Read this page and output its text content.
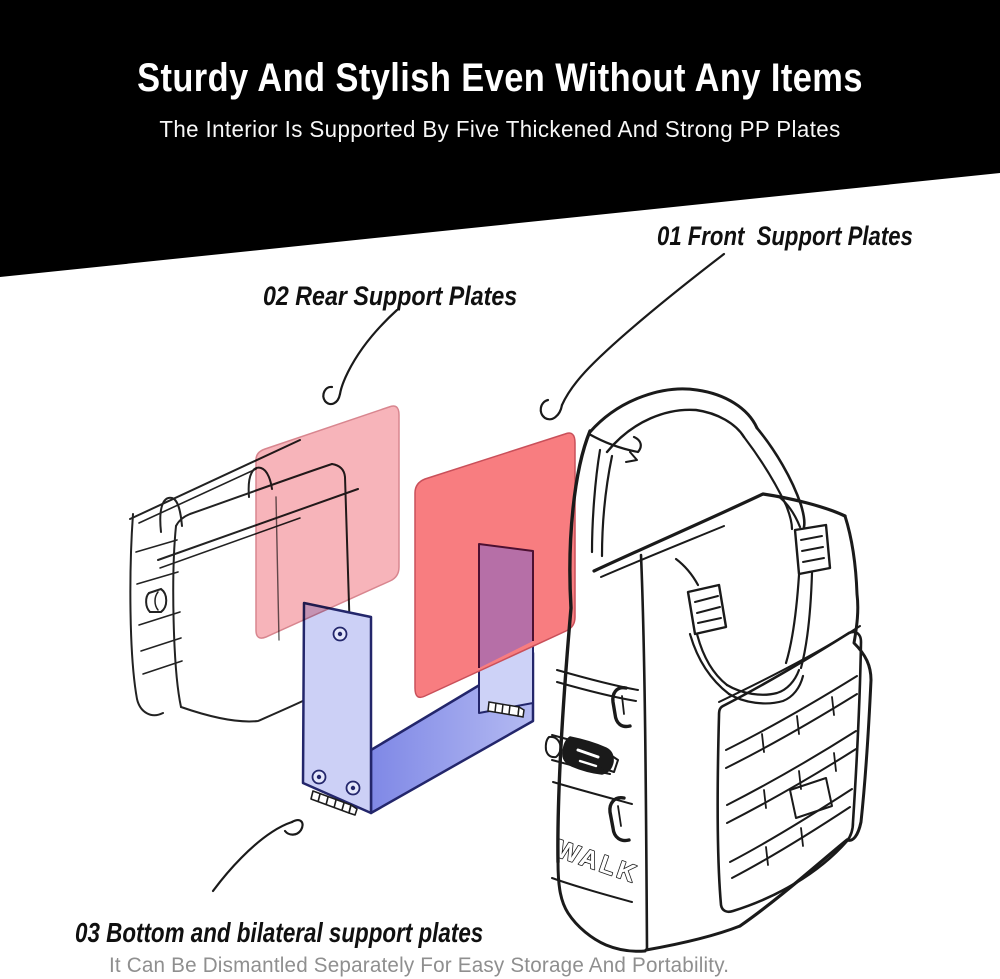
Sturdy And Stylish Even Without Any Items
The Interior Is Supported By Five Thickened And Strong PP Plates
WALK
01 Front  Support Plates
02 Rear Support Plates
03 Bottom and bilateral support plates
It Can Be Dismantled Separately For Easy Storage And Portability.
